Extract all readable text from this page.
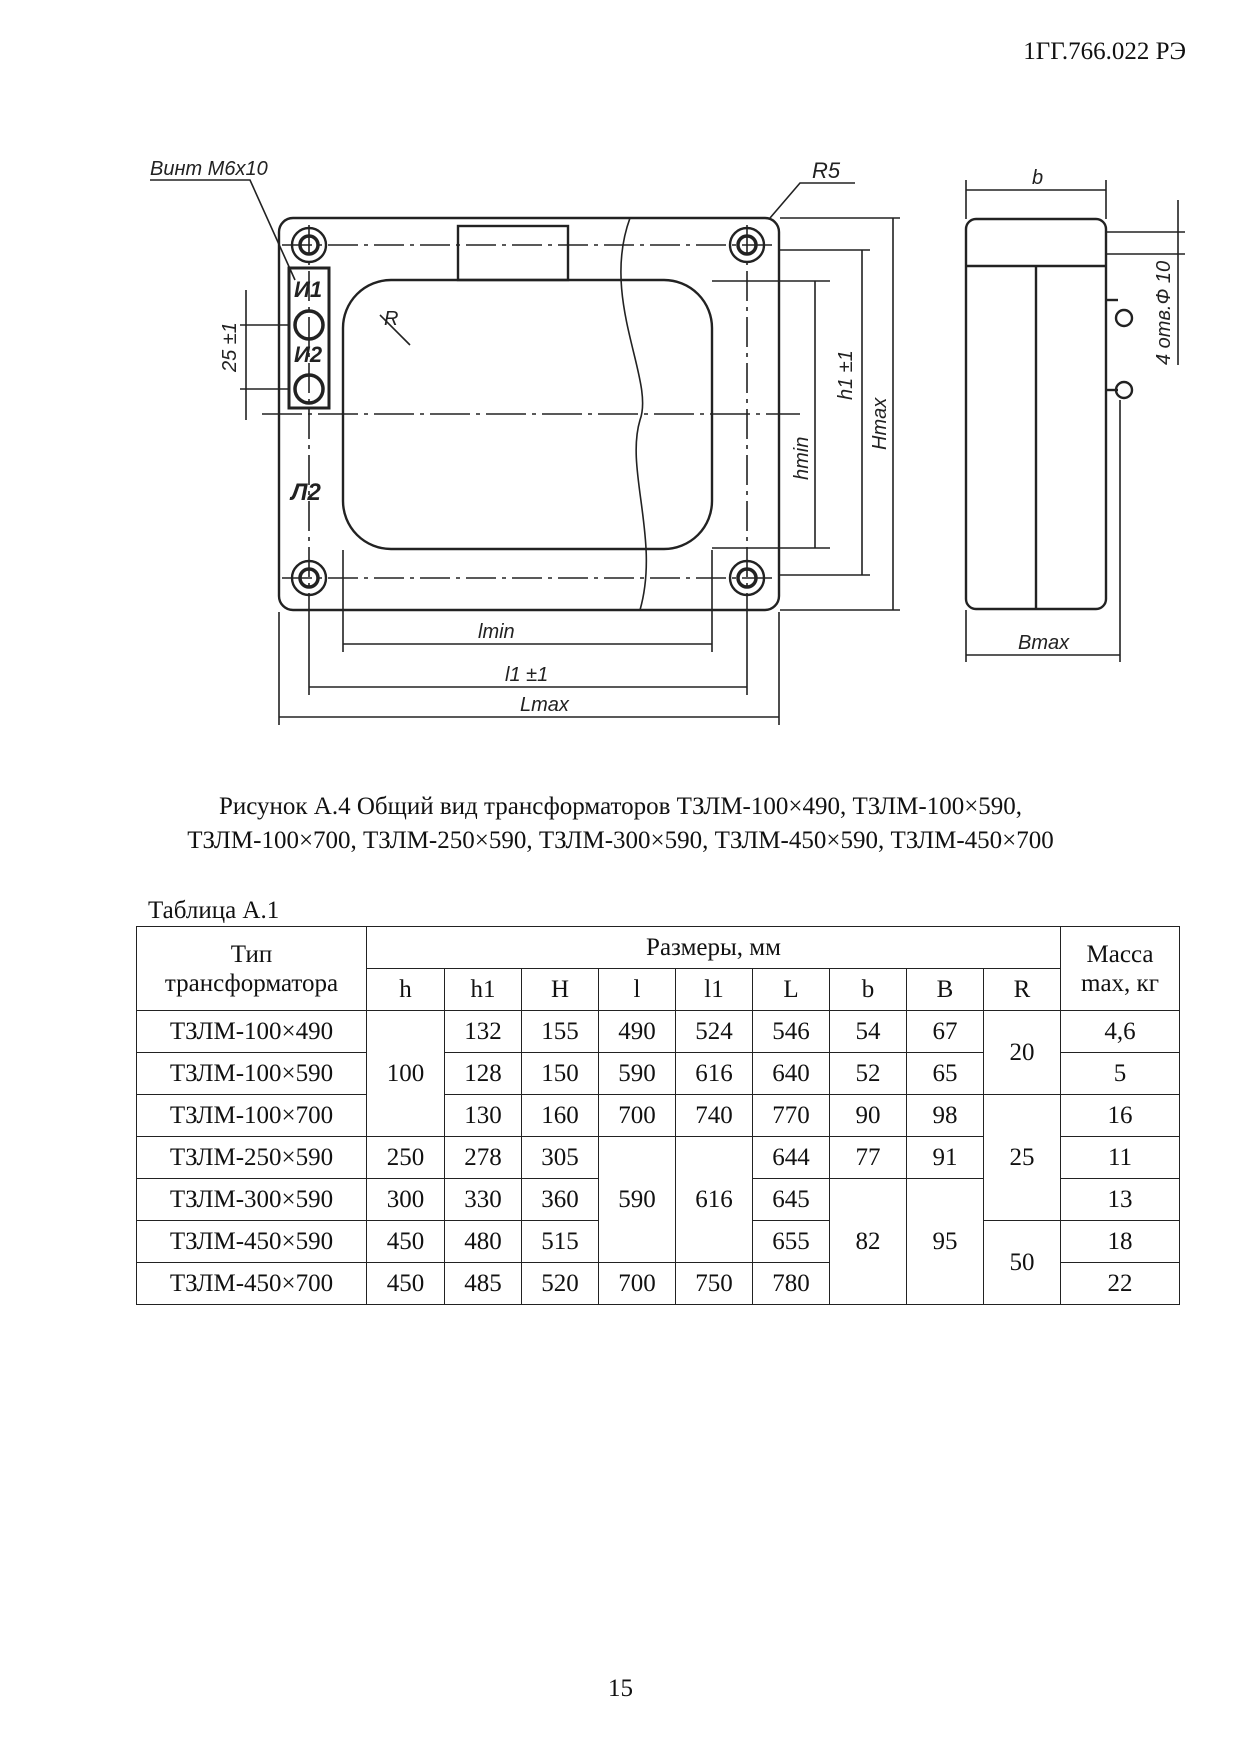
1ГГ.766.022 РЭ
Винт М6х10	R5
R
И1
И2
Л2
25 ±1
h1 ±1
Hmax
hmin
lmin
l1 ±1
Lmax
b
Bmax
4 отв.Ф 10
Рисунок А.4 Общий вид трансформаторов ТЗЛМ-100×490, ТЗЛМ-100×590,
ТЗЛМ-100×700, ТЗЛМ-250×590, ТЗЛМ-300×590, ТЗЛМ-450×590, ТЗЛМ-450×700
Таблица А.1
Тип
трансформатора	Размеры, мм									Масса
max, кг
	h	h1	H	l	l1	L	b	B	R	
ТЗЛМ-100×490	100	132	155	490	524	546	54	67	20	4,6
ТЗЛМ-100×590		128	150	590	616	640	52	65		5
ТЗЛМ-100×700		130	160	700	740	770	90	98	25	16
ТЗЛМ-250×590	250	278	305	590	616	644	77	91		11
ТЗЛМ-300×590	300	330	360			645	82	95		13
ТЗЛМ-450×590	450	480	515			655			50	18
ТЗЛМ-450×700	450	485	520	700	750	780				22
15
